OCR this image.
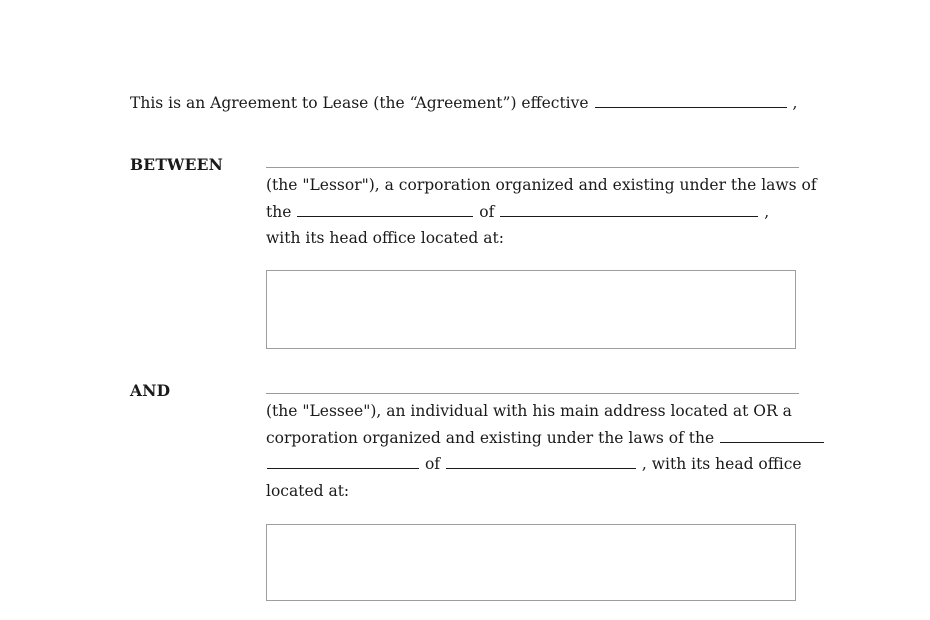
This is an Agreement to Lease (the “Agreement”) effective	,
BETWEEN
(the "Lessor"), a corporation organized and existing under the laws of
the	of	,
with its head office located at:
AND
(the "Lessee"), an individual with his main address located at OR a
corporation organized and existing under the laws of the
of	, with its head office
located at:
